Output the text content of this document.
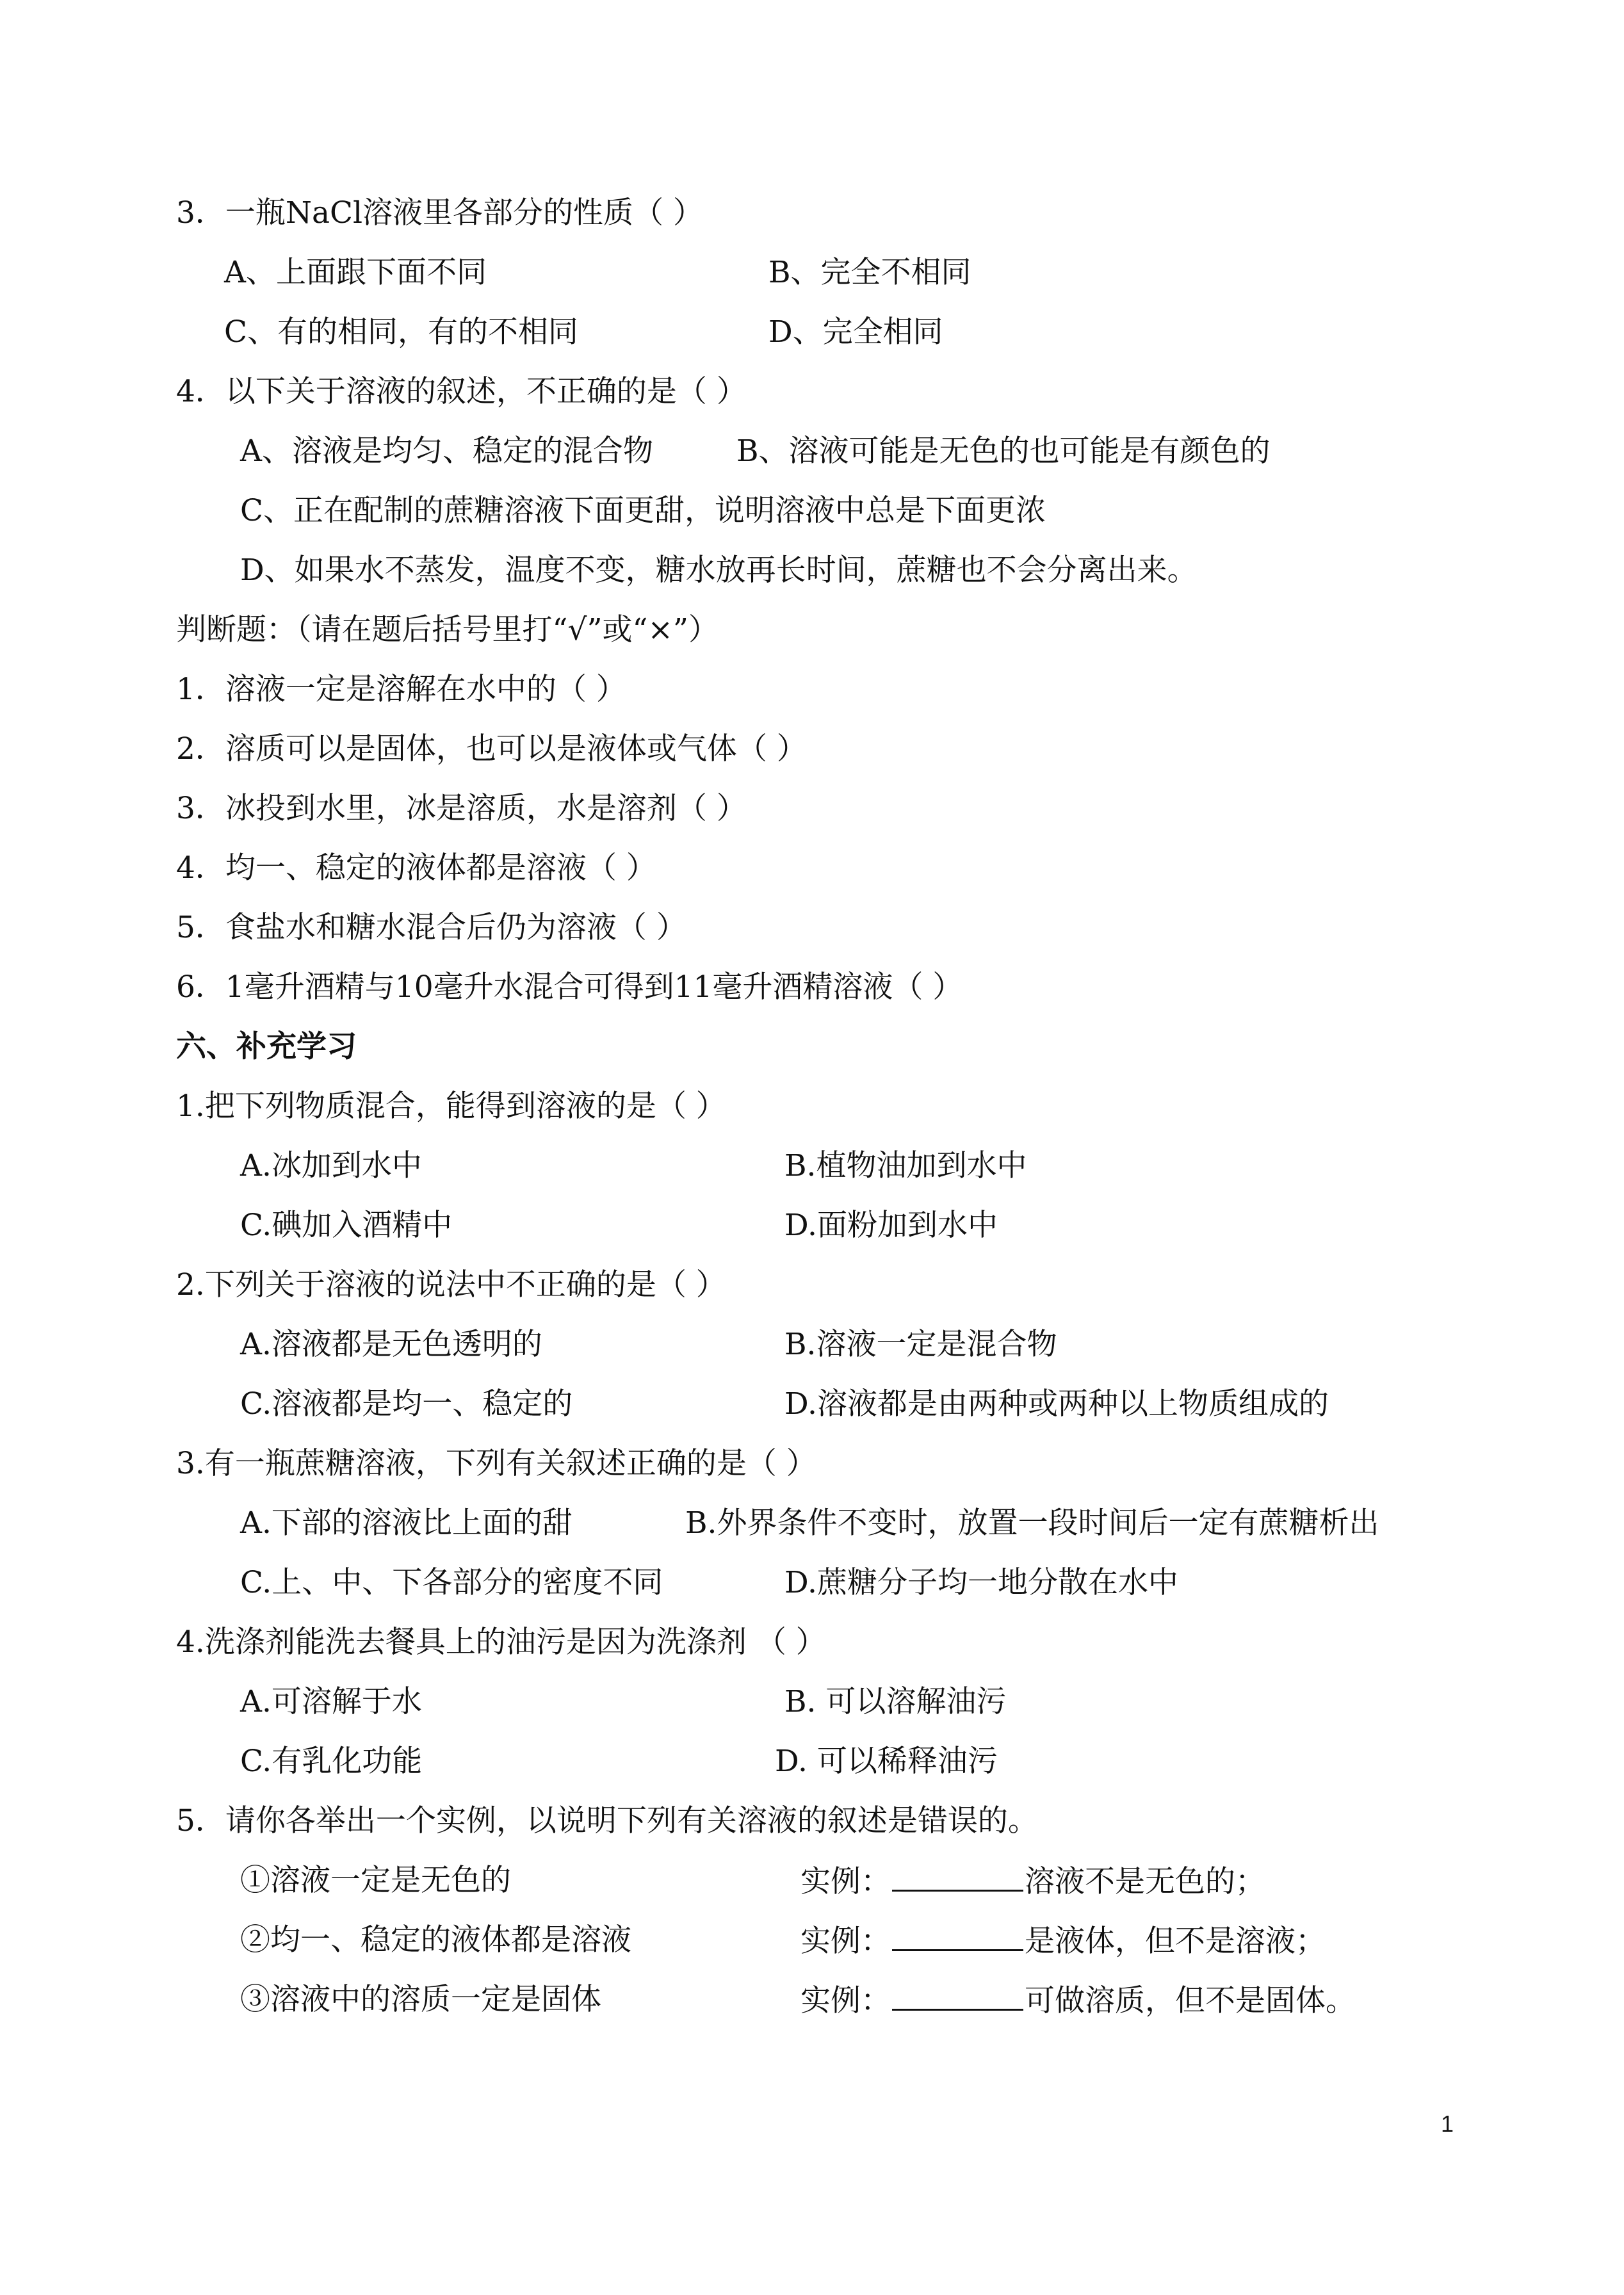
3．一瓶NaCl溶液里各部分的性质（ ）
A、上面跟下面不同	B、完全不相同
C、有的相同，有的不相同	D、完全相同
4．以下关于溶液的叙述，不正确的是（ ）
A、溶液是均匀、稳定的混合物	B、溶液可能是无色的也可能是有颜色的
C、正在配制的蔗糖溶液下面更甜，说明溶液中总是下面更浓
D、如果水不蒸发，温度不变，糖水放再长时间，蔗糖也不会分离出来。
判断题：（请在题后括号里打“√”或“×”）
1．溶液一定是溶解在水中的（ ）
2．溶质可以是固体，也可以是液体或气体（ ）
3．冰投到水里，冰是溶质，水是溶剂（ ）
4．均一、稳定的液体都是溶液（ ）
5．食盐水和糖水混合后仍为溶液（ ）
6．1毫升酒精与10毫升水混合可得到11毫升酒精溶液（ ）
六、补充学习
1.把下列物质混合，能得到溶液的是（ ）
A.冰加到水中	B.植物油加到水中
C.碘加入酒精中	D.面粉加到水中
2.下列关于溶液的说法中不正确的是（ ）
A.溶液都是无色透明的	B.溶液一定是混合物
C.溶液都是均一、稳定的	D.溶液都是由两种或两种以上物质组成的
3.有一瓶蔗糖溶液，下列有关叙述正确的是（ ）
A.下部的溶液比上面的甜	B.外界条件不变时，放置一段时间后一定有蔗糖析出
C.上、中、下各部分的密度不同	D.蔗糖分子均一地分散在水中
4.洗涤剂能洗去餐具上的油污是因为洗涤剂 （ ）
A.可溶解于水	B. 可以溶解油污
C.有乳化功能	D. 可以稀释油污
5．请你各举出一个实例，以说明下列有关溶液的叙述是错误的。
①溶液一定是无色的	实例：	溶液不是无色的；
②均一、稳定的液体都是溶液	实例：	是液体，但不是溶液；
③溶液中的溶质一定是固体	实例：	可做溶质，但不是固体。
1
